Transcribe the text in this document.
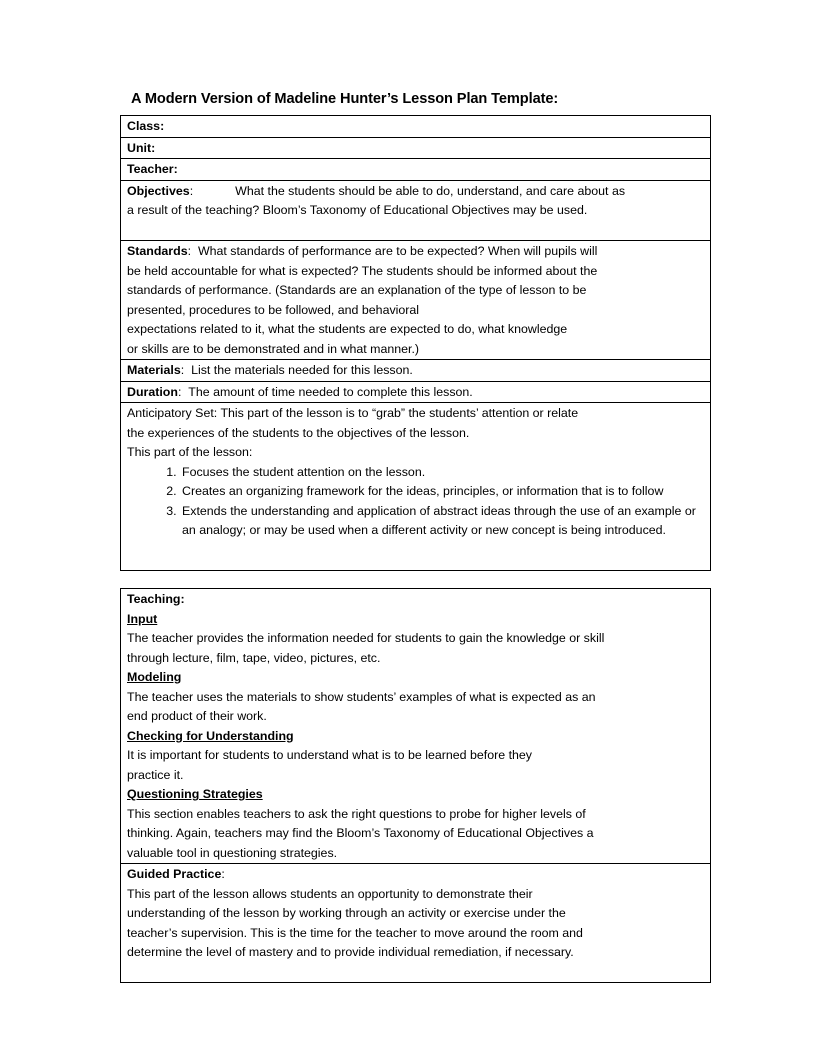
A Modern Version of Madeline Hunter’s Lesson Plan Template:

Class:

Unit:

Teacher:

Objectives:	What the students should be able to do, understand, and care about as

a result of the teaching? Bloom’s Taxonomy of Educational Objectives may be used.

Standards: What standards of performance are to be expected? When will pupils will

be held accountable for what is expected? The students should be informed about the

standards of performance. (Standards are an explanation of the type of lesson to be

presented, procedures to be followed, and behavioral

expectations related to it, what the students are expected to do, what knowledge

or skills are to be demonstrated and in what manner.)

Materials: List the materials needed for this lesson.

Duration: The amount of time needed to complete this lesson.

Anticipatory Set: This part of the lesson is to “grab” the students’ attention or relate

the experiences of the students to the objectives of the lesson.

This part of the lesson:

1. Focuses the student attention on the lesson.
2. Creates an organizing framework for the ideas, principles, or information that is to follow
3. Extends the understanding and application of abstract ideas through the use of an example or an analogy; or may be used when a different activity or new concept is being introduced.

Teaching:

Input

The teacher provides the information needed for students to gain the knowledge or skill

through lecture, film, tape, video, pictures, etc.

Modeling

The teacher uses the materials to show students’ examples of what is expected as an

end product of their work.

Checking for Understanding

It is important for students to understand what is to be learned before they

practice it.

Questioning Strategies

This section enables teachers to ask the right questions to probe for higher levels of

thinking. Again, teachers may find the Bloom’s Taxonomy of Educational Objectives a

valuable tool in questioning strategies.

Guided Practice:

This part of the lesson allows students an opportunity to demonstrate their

understanding of the lesson by working through an activity or exercise under the

teacher’s supervision. This is the time for the teacher to move around the room and

determine the level of mastery and to provide individual remediation, if necessary.
